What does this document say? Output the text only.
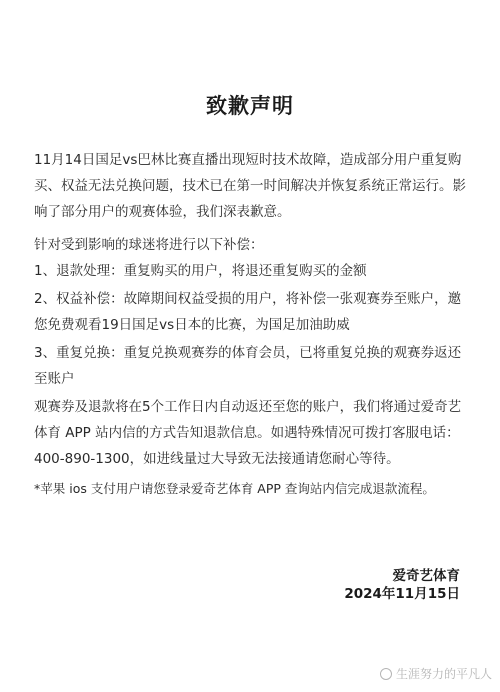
致歉声明
11月14日国足vs巴林比赛直播出现短时技术故障，造成部分用户重复购买、权益无法兑换问题，技术已在第一时间解决并恢复系统正常运行。影响了部分用户的观赛体验，我们深表歉意。
针对受到影响的球迷将进行以下补偿：
1、退款处理：重复购买的用户，将退还重复购买的金额
2、权益补偿：故障期间权益受损的用户，将补偿一张观赛券至账户，邀您免费观看19日国足vs日本的比赛，为国足加油助威
3、重复兑换：重复兑换观赛券的体育会员，已将重复兑换的观赛券返还至账户
观赛券及退款将在5个工作日内自动返还至您的账户，我们将通过爱奇艺体育 APP 站内信的方式告知退款信息。如遇特殊情况可拨打客服电话：400-890-1300，如进线量过大导致无法接通请您耐心等待。
*苹果 ios 支付用户请您登录爱奇艺体育 APP 查询站内信完成退款流程。
爱奇艺体育
2024年11月15日
生涯努力的平凡人
